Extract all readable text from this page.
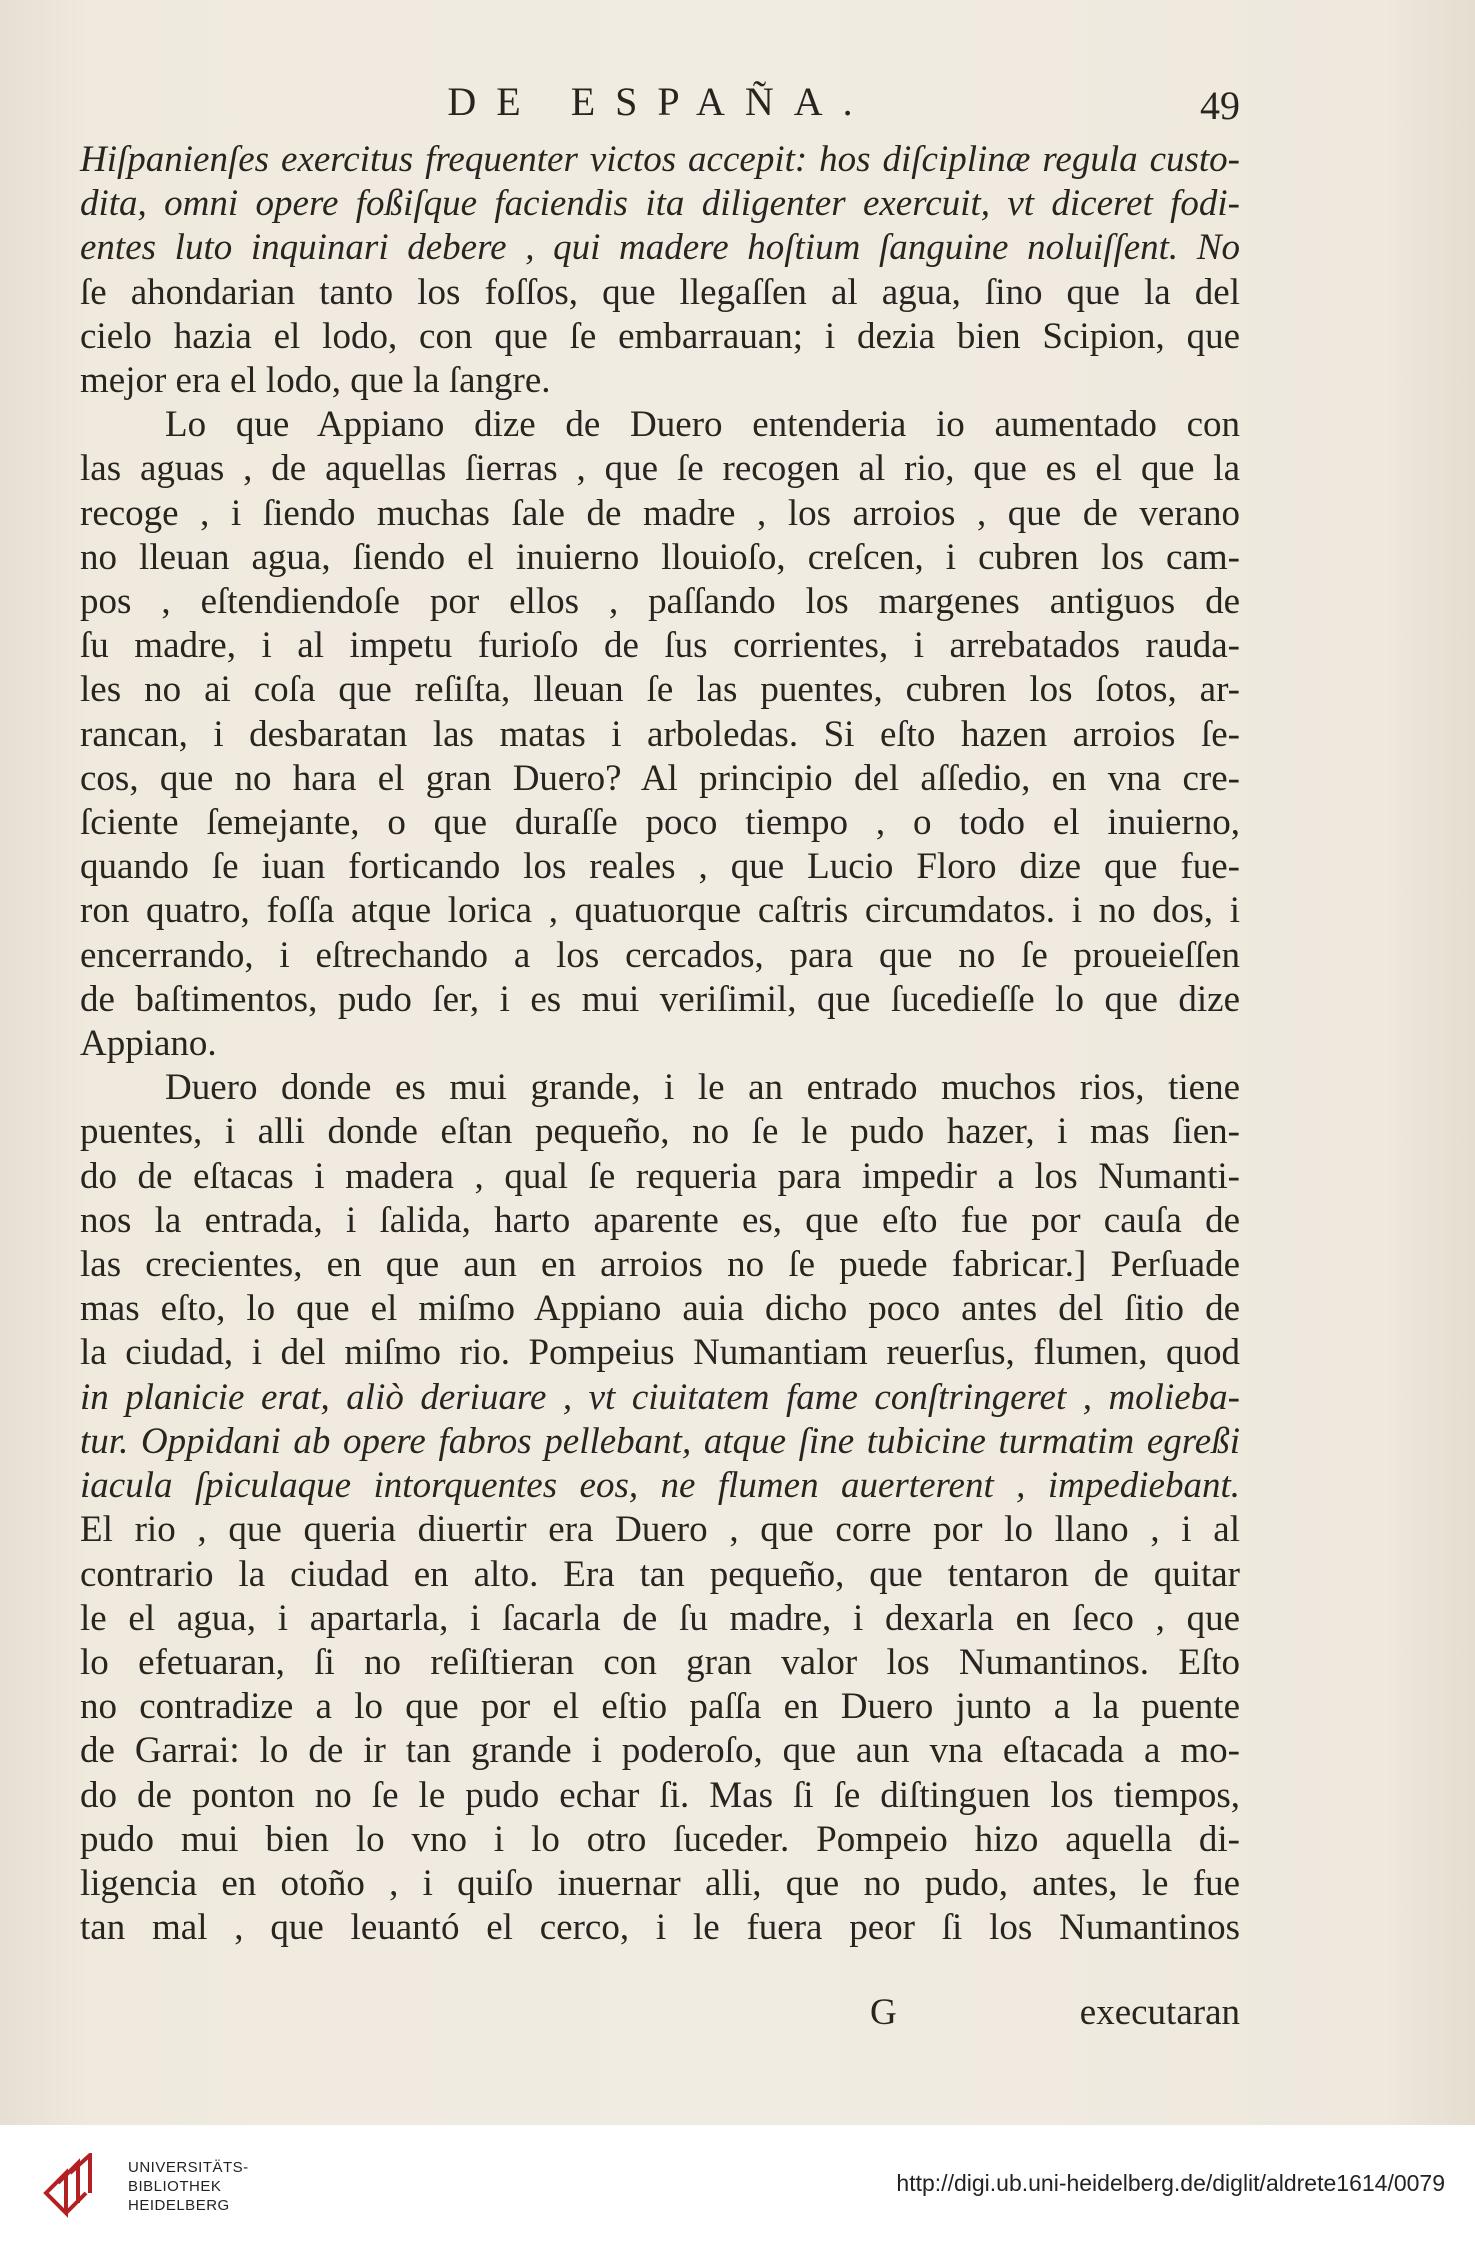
DE ESPAÑA.	49
Hiſpanienſes exercitus frequenter victos accepit: hos diſciplinæ regula custo-
dita, omni opere foßiſque faciendis ita diligenter exercuit, vt diceret fodi-
entes luto inquinari debere , qui madere hoſtium ſanguine noluiſſent. No
ſe ahondarian tanto los foſſos, que llegaſſen al agua, ſino que la del
cielo hazia el lodo, con que ſe embarrauan; i dezia bien Scipion, que
mejor era el lodo, que la ſangre.
Lo que Appiano dize de Duero entenderia io aumentado con
las aguas , de aquellas ſierras , que ſe recogen al rio, que es el que la
recoge , i ſiendo muchas ſale de madre , los arroios , que de verano
no lleuan agua, ſiendo el inuierno llouioſo, creſcen, i cubren los cam-
pos , eſtendiendoſe por ellos , paſſando los margenes antiguos de
ſu madre, i al impetu furioſo de ſus corrientes, i arrebatados rauda-
les no ai coſa que reſiſta, lleuan ſe las puentes, cubren los ſotos, ar-
rancan, i desbaratan las matas i arboledas. Si eſto hazen arroios ſe-
cos, que no hara el gran Duero? Al principio del aſſedio, en vna cre-
ſciente ſemejante, o que duraſſe poco tiempo , o todo el inuierno,
quando ſe iuan forticando los reales , que Lucio Floro dize que fue-
ron quatro, foſſa atque lorica , quatuorque caſtris circumdatos. i no dos, i
encerrando, i eſtrechando a los cercados, para que no ſe proueieſſen
de baſtimentos, pudo ſer, i es mui veriſimil, que ſucedieſſe lo que dize
Appiano.
Duero donde es mui grande, i le an entrado muchos rios, tiene
puentes, i alli donde eſtan pequeño, no ſe le pudo hazer, i mas ſien-
do de eſtacas i madera , qual ſe requeria para impedir a los Numanti-
nos la entrada, i ſalida, harto aparente es, que eſto fue por cauſa de
las crecientes, en que aun en arroios no ſe puede fabricar.] Perſuade
mas eſto, lo que el miſmo Appiano auia dicho poco antes del ſitio de
la ciudad, i del miſmo rio. Pompeius Numantiam reuerſus, flumen, quod
in planicie erat, aliò deriuare , vt ciuitatem fame conſtringeret , molieba-
tur. Oppidani ab opere fabros pellebant, atque ſine tubicine turmatim egreßi
iacula ſpiculaque intorquentes eos, ne flumen auerterent , impediebant.
El rio , que queria diuertir era Duero , que corre por lo llano , i al
contrario la ciudad en alto. Era tan pequeño, que tentaron de quitar
le el agua, i apartarla, i ſacarla de ſu madre, i dexarla en ſeco , que
lo efetuaran, ſi no reſiſtieran con gran valor los Numantinos. Eſto
no contradize a lo que por el eſtio paſſa en Duero junto a la puente
de Garrai: lo de ir tan grande i poderoſo, que aun vna eſtacada a mo-
do de ponton no ſe le pudo echar ſi. Mas ſi ſe diſtinguen los tiempos,
pudo mui bien lo vno i lo otro ſuceder. Pompeio hizo aquella di-
ligencia en otoño , i quiſo inuernar alli, que no pudo, antes, le fue
tan mal , que leuantó el cerco, i le fuera peor ſi los Numantinos
G	executaran
UNIVERSITÄTS-
BIBLIOTHEK
HEIDELBERG
http://digi.ub.uni-heidelberg.de/diglit/aldrete1614/0079
